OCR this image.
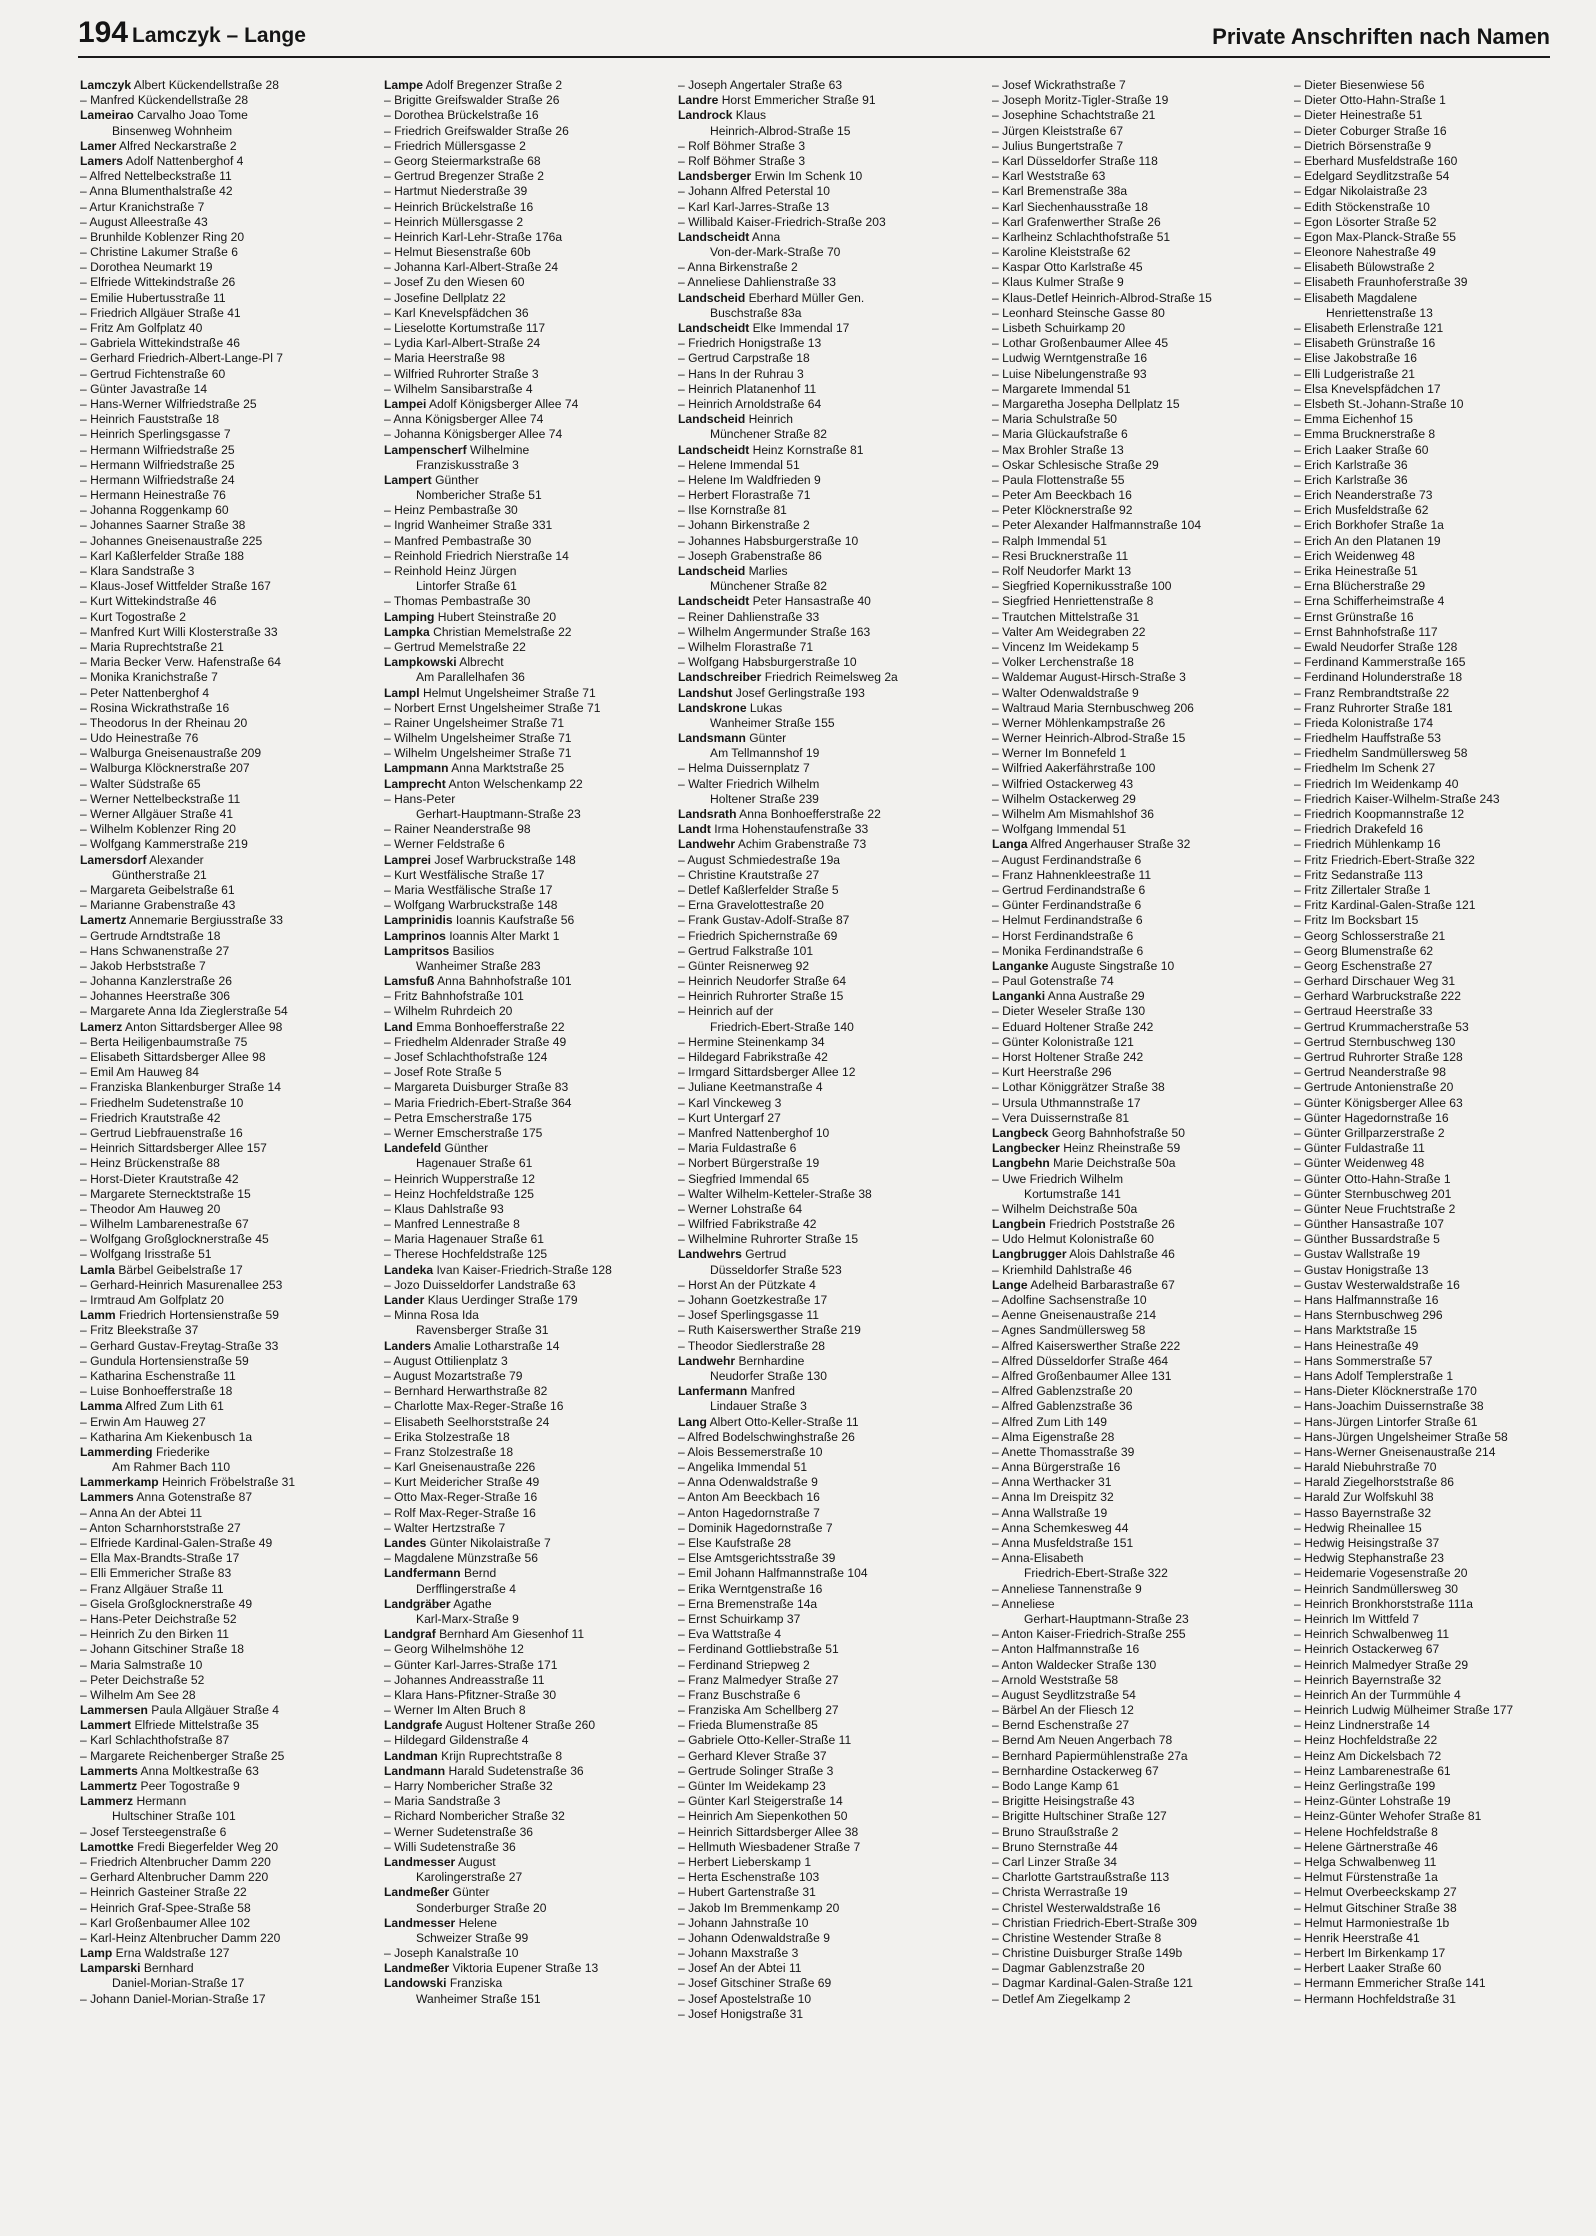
194 Lamczyk – Lange	Private Anschriften nach Namen
Lamczyk Albert Kückendellstraße 28
– Manfred Kückendellstraße 28
Lameirao Carvalho Joao Tome
Binsenweg Wohnheim
Lamer Alfred Neckarstraße 2
Lamers Adolf Nattenberghof 4
– Alfred Nettelbeckstraße 11
– Anna Blumenthalstraße 42
– Artur Kranichstraße 7
– August Alleestraße 43
– Brunhilde Koblenzer Ring 20
– Christine Lakumer Straße 6
– Dorothea Neumarkt 19
– Elfriede Wittekindstraße 26
– Emilie Hubertusstraße 11
– Friedrich Allgäuer Straße 41
– Fritz Am Golfplatz 40
– Gabriela Wittekindstraße 46
– Gerhard Friedrich-Albert-Lange-Pl 7
– Gertrud Fichtenstraße 60
– Günter Javastraße 14
– Hans-Werner Wilfriedstraße 25
– Heinrich Fauststraße 18
– Heinrich Sperlingsgasse 7
– Hermann Wilfriedstraße 25
– Hermann Wilfriedstraße 25
– Hermann Wilfriedstraße 24
– Hermann Heinestraße 76
– Johanna Roggenkamp 60
– Johannes Saarner Straße 38
– Johannes Gneisenaustraße 225
– Karl Kaßlerfelder Straße 188
– Klara Sandstraße 3
– Klaus-Josef Wittfelder Straße 167
– Kurt Wittekindstraße 46
– Kurt Togostraße 2
– Manfred Kurt Willi Klosterstraße 33
– Maria Ruprechtstraße 21
– Maria Becker Verw. Hafenstraße 64
– Monika Kranichstraße 7
– Peter Nattenberghof 4
– Rosina Wickrathstraße 16
– Theodorus In der Rheinau 20
– Udo Heinestraße 76
– Walburga Gneisenaustraße 209
– Walburga Klöcknerstraße 207
– Walter Südstraße 65
– Werner Nettelbeckstraße 11
– Werner Allgäuer Straße 41
– Wilhelm Koblenzer Ring 20
– Wolfgang Kammerstraße 219
Lamersdorf Alexander
Güntherstraße 21
– Margareta Geibelstraße 61
– Marianne Grabenstraße 43
Lamertz Annemarie Bergiusstraße 33
– Gertrude Arndtstraße 18
– Hans Schwanenstraße 27
– Jakob Herbststraße 7
– Johanna Kanzlerstraße 26
– Johannes Heerstraße 306
– Margarete Anna Ida Zieglerstraße 54
Lamerz Anton Sittardsberger Allee 98
– Berta Heiligenbaumstraße 75
– Elisabeth Sittardsberger Allee 98
– Emil Am Hauweg 84
– Franziska Blankenburger Straße 14
– Friedhelm Sudetenstraße 10
– Friedrich Krautstraße 42
– Gertrud Liebfrauenstraße 16
– Heinrich Sittardsberger Allee 157
– Heinz Brückenstraße 88
– Horst-Dieter Krautstraße 42
– Margarete Sternecktstraße 15
– Theodor Am Hauweg 20
– Wilhelm Lambarenestraße 67
– Wolfgang Großglocknerstraße 45
– Wolfgang Irisstraße 51
Lamla Bärbel Geibelstraße 17
– Gerhard-Heinrich Masurenallee 253
– Irmtraud Am Golfplatz 20
Lamm Friedrich Hortensienstraße 59
– Fritz Bleekstraße 37
– Gerhard Gustav-Freytag-Straße 33
– Gundula Hortensienstraße 59
– Katharina Eschenstraße 11
– Luise Bonhoefferstraße 18
Lamma Alfred Zum Lith 61
– Erwin Am Hauweg 27
– Katharina Am Kiekenbusch 1a
Lammerding Friederike
Am Rahmer Bach 110
Lammerkamp Heinrich Fröbelstraße 31
Lammers Anna Gotenstraße 87
– Anna An der Abtei 11
– Anton Scharnhorststraße 27
– Elfriede Kardinal-Galen-Straße 49
– Ella Max-Brandts-Straße 17
– Elli Emmericher Straße 83
– Franz Allgäuer Straße 11
– Gisela Großglocknerstraße 49
– Hans-Peter Deichstraße 52
– Heinrich Zu den Birken 11
– Johann Gitschiner Straße 18
– Maria Salmstraße 10
– Peter Deichstraße 52
– Wilhelm Am See 28
Lammersen Paula Allgäuer Straße 4
Lammert Elfriede Mittelstraße 35
– Karl Schlachthofstraße 87
– Margarete Reichenberger Straße 25
Lammerts Anna Moltkestraße 63
Lammertz Peer Togostraße 9
Lammerz Hermann
Hultschiner Straße 101
– Josef Tersteegenstraße 6
Lamottke Fredi Biegerfelder Weg 20
– Friedrich Altenbrucher Damm 220
– Gerhard Altenbrucher Damm 220
– Heinrich Gasteiner Straße 22
– Heinrich Graf-Spee-Straße 58
– Karl Großenbaumer Allee 102
– Karl-Heinz Altenbrucher Damm 220
Lamp Erna Waldstraße 127
Lamparski Bernhard
Daniel-Morian-Straße 17
– Johann Daniel-Morian-Straße 17
Lampe Adolf Bregenzer Straße 2
– Brigitte Greifswalder Straße 26
– Dorothea Brückelstraße 16
– Friedrich Greifswalder Straße 26
– Friedrich Müllersgasse 2
– Georg Steiermarkstraße 68
– Gertrud Bregenzer Straße 2
– Hartmut Niederstraße 39
– Heinrich Brückelstraße 16
– Heinrich Müllersgasse 2
– Heinrich Karl-Lehr-Straße 176a
– Helmut Biesenstraße 60b
– Johanna Karl-Albert-Straße 24
– Josef Zu den Wiesen 60
– Josefine Dellplatz 22
– Karl Knevelspfädchen 36
– Lieselotte Kortumstraße 117
– Lydia Karl-Albert-Straße 24
– Maria Heerstraße 98
– Wilfried Ruhrorter Straße 3
– Wilhelm Sansibarstraße 4
Lampei Adolf Königsberger Allee 74
– Anna Königsberger Allee 74
– Johanna Königsberger Allee 74
Lampenscherf Wilhelmine
Franziskusstraße 3
Lampert Günther
Nombericher Straße 51
– Heinz Pembastraße 30
– Ingrid Wanheimer Straße 331
– Manfred Pembastraße 30
– Reinhold Friedrich Nierstraße 14
– Reinhold Heinz Jürgen
Lintorfer Straße 61
– Thomas Pembastraße 30
Lamping Hubert Steinstraße 20
Lampka Christian Memelstraße 22
– Gertrud Memelstraße 22
Lampkowski Albrecht
Am Parallelhafen 36
Lampl Helmut Ungelsheimer Straße 71
– Norbert Ernst Ungelsheimer Straße 71
– Rainer Ungelsheimer Straße 71
– Wilhelm Ungelsheimer Straße 71
– Wilhelm Ungelsheimer Straße 71
Lampmann Anna Marktstraße 25
Lamprecht Anton Welschenkamp 22
– Hans-Peter
Gerhart-Hauptmann-Straße 23
– Rainer Neanderstraße 98
– Werner Feldstraße 6
Lamprei Josef Warbruckstraße 148
– Kurt Westfälische Straße 17
– Maria Westfälische Straße 17
– Wolfgang Warbruckstraße 148
Lamprinidis Ioannis Kaufstraße 56
Lamprinos Ioannis Alter Markt 1
Lampritsos Basilios
Wanheimer Straße 283
Lamsfuß Anna Bahnhofstraße 101
– Fritz Bahnhofstraße 101
– Wilhelm Ruhrdeich 20
Land Emma Bonhoefferstraße 22
– Friedhelm Aldenrader Straße 49
– Josef Schlachthofstraße 124
– Josef Rote Straße 5
– Margareta Duisburger Straße 83
– Maria Friedrich-Ebert-Straße 364
– Petra Emscherstraße 175
– Werner Emscherstraße 175
Landefeld Günther
Hagenauer Straße 61
– Heinrich Wupperstraße 12
– Heinz Hochfeldstraße 125
– Klaus Dahlstraße 93
– Manfred Lennestraße 8
– Maria Hagenauer Straße 61
– Therese Hochfeldstraße 125
Landeka Ivan Kaiser-Friedrich-Straße 128
– Jozo Duisseldorfer Landstraße 63
Lander Klaus Uerdinger Straße 179
– Minna Rosa Ida
Ravensberger Straße 31
Landers Amalie Lotharstraße 14
– August Ottilienplatz 3
– August Mozartstraße 79
– Bernhard Herwarthstraße 82
– Charlotte Max-Reger-Straße 16
– Elisabeth Seelhorststraße 24
– Erika Stolzestraße 18
– Franz Stolzestraße 18
– Karl Gneisenaustraße 226
– Kurt Meidericher Straße 49
– Otto Max-Reger-Straße 16
– Rolf Max-Reger-Straße 16
– Walter Hertzstraße 7
Landes Günter Nikolaistraße 7
– Magdalene Münzstraße 56
Landfermann Bernd
Derfflingerstraße 4
Landgräber Agathe
Karl-Marx-Straße 9
Landgraf Bernhard Am Giesenhof 11
– Georg Wilhelmshöhe 12
– Günter Karl-Jarres-Straße 171
– Johannes Andreasstraße 11
– Klara Hans-Pfitzner-Straße 30
– Werner Im Alten Bruch 8
Landgrafe August Holtener Straße 260
– Hildegard Gildenstraße 4
Landman Krijn Ruprechtstraße 8
Landmann Harald Sudetenstraße 36
– Harry Nombericher Straße 32
– Maria Sandstraße 3
– Richard Nombericher Straße 32
– Werner Sudetenstraße 36
– Willi Sudetenstraße 36
Landmesser August
Karolingerstraße 27
Landmeßer Günter
Sonderburger Straße 20
Landmesser Helene
Schweizer Straße 99
– Joseph Kanalstraße 10
Landmeßer Viktoria Eupener Straße 13
Landowski Franziska
Wanheimer Straße 151
– Joseph Angertaler Straße 63
Landre Horst Emmericher Straße 91
Landrock Klaus
Heinrich-Albrod-Straße 15
– Rolf Böhmer Straße 3
– Rolf Böhmer Straße 3
Landsberger Erwin Im Schenk 10
– Johann Alfred Peterstal 10
– Karl Karl-Jarres-Straße 13
– Willibald Kaiser-Friedrich-Straße 203
Landscheidt Anna
Von-der-Mark-Straße 70
– Anna Birkenstraße 2
– Anneliese Dahlienstraße 33
Landscheid Eberhard Müller Gen.
Buschstraße 83a
Landscheidt Elke Immendal 17
– Friedrich Honigstraße 13
– Gertrud Carpstraße 18
– Hans In der Ruhrau 3
– Heinrich Platanenhof 11
– Heinrich Arnoldstraße 64
Landscheid Heinrich
Münchener Straße 82
Landscheidt Heinz Kornstraße 81
– Helene Immendal 51
– Helene Im Waldfrieden 9
– Herbert Florastraße 71
– Ilse Kornstraße 81
– Johann Birkenstraße 2
– Johannes Habsburgerstraße 10
– Joseph Grabenstraße 86
Landscheid Marlies
Münchener Straße 82
Landscheidt Peter Hansastraße 40
– Reiner Dahlienstraße 33
– Wilhelm Angermunder Straße 163
– Wilhelm Florastraße 71
– Wolfgang Habsburgerstraße 10
Landschreiber Friedrich Reimelsweg 2a
Landshut Josef Gerlingstraße 193
Landskrone Lukas
Wanheimer Straße 155
Landsmann Günter
Am Tellmannshof 19
– Helma Duissernplatz 7
– Walter Friedrich Wilhelm
Holtener Straße 239
Landsrath Anna Bonhoefferstraße 22
Landt Irma Hohenstaufenstraße 33
Landwehr Achim Grabenstraße 73
– August Schmiedestraße 19a
– Christine Krautstraße 27
– Detlef Kaßlerfelder Straße 5
– Erna Gravelottestraße 20
– Frank Gustav-Adolf-Straße 87
– Friedrich Spichernstraße 69
– Gertrud Falkstraße 101
– Günter Reisnerweg 92
– Heinrich Neudorfer Straße 64
– Heinrich Ruhrorter Straße 15
– Heinrich auf der
Friedrich-Ebert-Straße 140
– Hermine Steinenkamp 34
– Hildegard Fabrikstraße 42
– Irmgard Sittardsberger Allee 12
– Juliane Keetmanstraße 4
– Karl Vinckeweg 3
– Kurt Untergarf 27
– Manfred Nattenberghof 10
– Maria Fuldastraße 6
– Norbert Bürgerstraße 19
– Siegfried Immendal 65
– Walter Wilhelm-Ketteler-Straße 38
– Werner Lohstraße 64
– Wilfried Fabrikstraße 42
– Wilhelmine Ruhrorter Straße 15
Landwehrs Gertrud
Düsseldorfer Straße 523
– Horst An der Pützkate 4
– Johann Goetzkestraße 17
– Josef Sperlingsgasse 11
– Ruth Kaiserswerther Straße 219
– Theodor Siedlerstraße 28
Landwehr Bernhardine
Neudorfer Straße 130
Lanfermann Manfred
Lindauer Straße 3
Lang Albert Otto-Keller-Straße 11
– Alfred Bodelschwinghstraße 26
– Alois Bessemerstraße 10
– Angelika Immendal 51
– Anna Odenwaldstraße 9
– Anton Am Beeckbach 16
– Anton Hagedornstraße 7
– Dominik Hagedornstraße 7
– Else Kaufstraße 28
– Else Amtsgerichtsstraße 39
– Emil Johann Halfmannstraße 104
– Erika Werntgenstraße 16
– Erna Bremenstraße 14a
– Ernst Schuirkamp 37
– Eva Wattstraße 4
– Ferdinand Gottliebstraße 51
– Ferdinand Striepweg 2
– Franz Malmedyer Straße 27
– Franz Buschstraße 6
– Franziska Am Schellberg 27
– Frieda Blumenstraße 85
– Gabriele Otto-Keller-Straße 11
– Gerhard Klever Straße 37
– Gertrude Solinger Straße 3
– Günter Im Weidekamp 23
– Günter Karl Steigerstraße 14
– Heinrich Am Siepenkothen 50
– Heinrich Sittardsberger Allee 38
– Hellmuth Wiesbadener Straße 7
– Herbert Lieberskamp 1
– Herta Eschenstraße 103
– Hubert Gartenstraße 31
– Jakob Im Bremmenkamp 20
– Johann Jahnstraße 10
– Johann Odenwaldstraße 9
– Johann Maxstraße 3
– Josef An der Abtei 11
– Josef Gitschiner Straße 69
– Josef Apostelstraße 10
– Josef Honigstraße 31
– Josef Wickrathstraße 7
– Joseph Moritz-Tigler-Straße 19
– Josephine Schachtstraße 21
– Jürgen Kleiststraße 67
– Julius Bungertstraße 7
– Karl Düsseldorfer Straße 118
– Karl Weststraße 63
– Karl Bremenstraße 38a
– Karl Siechenhausstraße 18
– Karl Grafenwerther Straße 26
– Karlheinz Schlachthofstraße 51
– Karoline Kleiststraße 62
– Kaspar Otto Karlstraße 45
– Klaus Kulmer Straße 9
– Klaus-Detlef Heinrich-Albrod-Straße 15
– Leonhard Steinsche Gasse 80
– Lisbeth Schuirkamp 20
– Lothar Großenbaumer Allee 45
– Ludwig Werntgenstraße 16
– Luise Nibelungenstraße 93
– Margarete Immendal 51
– Margaretha Josepha Dellplatz 15
– Maria Schulstraße 50
– Maria Glückaufstraße 6
– Max Brohler Straße 13
– Oskar Schlesische Straße 29
– Paula Flottenstraße 55
– Peter Am Beeckbach 16
– Peter Klöcknerstraße 92
– Peter Alexander Halfmannstraße 104
– Ralph Immendal 51
– Resi Brucknerstraße 11
– Rolf Neudorfer Markt 13
– Siegfried Kopernikusstraße 100
– Siegfried Henriettenstraße 8
– Trautchen Mittelstraße 31
– Valter Am Weidegraben 22
– Vincenz Im Weidekamp 5
– Volker Lerchenstraße 18
– Waldemar August-Hirsch-Straße 3
– Walter Odenwaldstraße 9
– Waltraud Maria Sternbuschweg 206
– Werner Möhlenkampstraße 26
– Werner Heinrich-Albrod-Straße 15
– Werner Im Bonnefeld 1
– Wilfried Aakerfährstraße 100
– Wilfried Ostackerweg 43
– Wilhelm Ostackerweg 29
– Wilhelm Am Mismahlshof 36
– Wolfgang Immendal 51
Langa Alfred Angerhauser Straße 32
– August Ferdinandstraße 6
– Franz Hahnenkleestraße 11
– Gertrud Ferdinandstraße 6
– Günter Ferdinandstraße 6
– Helmut Ferdinandstraße 6
– Horst Ferdinandstraße 6
– Monika Ferdinandstraße 6
Langanke Auguste Singstraße 10
– Paul Gotenstraße 74
Langanki Anna Austraße 29
– Dieter Weseler Straße 130
– Eduard Holtener Straße 242
– Günter Kolonistraße 121
– Horst Holtener Straße 242
– Kurt Heerstraße 296
– Lothar Königgrätzer Straße 38
– Ursula Uthmannstraße 17
– Vera Duissernstraße 81
Langbeck Georg Bahnhofstraße 50
Langbecker Heinz Rheinstraße 59
Langbehn Marie Deichstraße 50a
– Uwe Friedrich Wilhelm
Kortumstraße 141
– Wilhelm Deichstraße 50a
Langbein Friedrich Poststraße 26
– Udo Helmut Kolonistraße 60
Langbrugger Alois Dahlstraße 46
– Kriemhild Dahlstraße 46
Lange Adelheid Barbarastraße 67
– Adolfine Sachsenstraße 10
– Aenne Gneisenaustraße 214
– Agnes Sandmüllersweg 58
– Alfred Kaiserswerther Straße 222
– Alfred Düsseldorfer Straße 464
– Alfred Großenbaumer Allee 131
– Alfred Gablenzstraße 20
– Alfred Gablenzstraße 36
– Alfred Zum Lith 149
– Alma Eigenstraße 28
– Anette Thomasstraße 39
– Anna Bürgerstraße 16
– Anna Werthacker 31
– Anna Im Dreispitz 32
– Anna Wallstraße 19
– Anna Schemkesweg 44
– Anna Musfeldstraße 151
– Anna-Elisabeth
Friedrich-Ebert-Straße 322
– Anneliese Tannenstraße 9
– Anneliese
Gerhart-Hauptmann-Straße 23
– Anton Kaiser-Friedrich-Straße 255
– Anton Halfmannstraße 16
– Anton Waldecker Straße 130
– Arnold Weststraße 58
– August Seydlitzstraße 54
– Bärbel An der Fliesch 12
– Bernd Eschenstraße 27
– Bernd Am Neuen Angerbach 78
– Bernhard Papiermühlenstraße 27a
– Bernhardine Ostackerweg 67
– Bodo Lange Kamp 61
– Brigitte Heisingstraße 43
– Brigitte Hultschiner Straße 127
– Bruno Straußstraße 2
– Bruno Sternstraße 44
– Carl Linzer Straße 34
– Charlotte Gartstraußstraße 113
– Christa Werrastraße 19
– Christel Westerwaldstraße 16
– Christian Friedrich-Ebert-Straße 309
– Christine Westender Straße 8
– Christine Duisburger Straße 149b
– Dagmar Gablenzstraße 20
– Dagmar Kardinal-Galen-Straße 121
– Detlef Am Ziegelkamp 2
– Dieter Biesenwiese 56
– Dieter Otto-Hahn-Straße 1
– Dieter Heinestraße 51
– Dieter Coburger Straße 16
– Dietrich Börsenstraße 9
– Eberhard Musfeldstraße 160
– Edelgard Seydlitzstraße 54
– Edgar Nikolaistraße 23
– Edith Stöckenstraße 10
– Egon Lösorter Straße 52
– Egon Max-Planck-Straße 55
– Eleonore Nahestraße 49
– Elisabeth Bülowstraße 2
– Elisabeth Fraunhoferstraße 39
– Elisabeth Magdalene
Henriettenstraße 13
– Elisabeth Erlenstraße 121
– Elisabeth Grünstraße 16
– Elise Jakobstraße 16
– Elli Ludgeristraße 21
– Elsa Knevelspfädchen 17
– Elsbeth St.-Johann-Straße 10
– Emma Eichenhof 15
– Emma Brucknerstraße 8
– Erich Laaker Straße 60
– Erich Karlstraße 36
– Erich Karlstraße 36
– Erich Neanderstraße 73
– Erich Musfeldstraße 62
– Erich Borkhofer Straße 1a
– Erich An den Platanen 19
– Erich Weidenweg 48
– Erika Heinestraße 51
– Erna Blücherstraße 29
– Erna Schifferheimstraße 4
– Ernst Grünstraße 16
– Ernst Bahnhofstraße 117
– Ewald Neudorfer Straße 128
– Ferdinand Kammerstraße 165
– Ferdinand Holunderstraße 18
– Franz Rembrandtstraße 22
– Franz Ruhrorter Straße 181
– Frieda Kolonistraße 174
– Friedhelm Hauffstraße 53
– Friedhelm Sandmüllersweg 58
– Friedhelm Im Schenk 27
– Friedrich Im Weidenkamp 40
– Friedrich Kaiser-Wilhelm-Straße 243
– Friedrich Koopmannstraße 12
– Friedrich Drakefeld 16
– Friedrich Mühlenkamp 16
– Fritz Friedrich-Ebert-Straße 322
– Fritz Sedanstraße 113
– Fritz Zillertaler Straße 1
– Fritz Kardinal-Galen-Straße 121
– Fritz Im Bocksbart 15
– Georg Schlosserstraße 21
– Georg Blumenstraße 62
– Georg Eschenstraße 27
– Gerhard Dirschauer Weg 31
– Gerhard Warbruckstraße 222
– Gertraud Heerstraße 33
– Gertrud Krummacherstraße 53
– Gertrud Sternbuschweg 130
– Gertrud Ruhrorter Straße 128
– Gertrud Neanderstraße 98
– Gertrude Antonienstraße 20
– Günter Königsberger Allee 63
– Günter Hagedornstraße 16
– Günter Grillparzerstraße 2
– Günter Fuldastraße 11
– Günter Weidenweg 48
– Günter Otto-Hahn-Straße 1
– Günter Sternbuschweg 201
– Günter Neue Fruchtstraße 2
– Günther Hansastraße 107
– Günther Bussardstraße 5
– Gustav Wallstraße 19
– Gustav Honigstraße 13
– Gustav Westerwaldstraße 16
– Hans Halfmannstraße 16
– Hans Sternbuschweg 296
– Hans Marktstraße 15
– Hans Heinestraße 49
– Hans Sommerstraße 57
– Hans Adolf Templerstraße 1
– Hans-Dieter Klöcknerstraße 170
– Hans-Joachim Duissernstraße 38
– Hans-Jürgen Lintorfer Straße 61
– Hans-Jürgen Ungelsheimer Straße 58
– Hans-Werner Gneisenaustraße 214
– Harald Niebuhrstraße 70
– Harald Ziegelhorststraße 86
– Harald Zur Wolfskuhl 38
– Hasso Bayernstraße 32
– Hedwig Rheinallee 15
– Hedwig Heisingstraße 37
– Hedwig Stephanstraße 23
– Heidemarie Vogesenstraße 20
– Heinrich Sandmüllersweg 30
– Heinrich Bronkhorststraße 111a
– Heinrich Im Wittfeld 7
– Heinrich Schwalbenweg 11
– Heinrich Ostackerweg 67
– Heinrich Malmedyer Straße 29
– Heinrich Bayernstraße 32
– Heinrich An der Turmmühle 4
– Heinrich Ludwig Mülheimer Straße 177
– Heinz Lindnerstraße 14
– Heinz Hochfeldstraße 22
– Heinz Am Dickelsbach 72
– Heinz Lambarenestraße 61
– Heinz Gerlingstraße 199
– Heinz-Günter Lohstraße 19
– Heinz-Günter Wehofer Straße 81
– Helene Hochfeldstraße 8
– Helene Gärtnerstraße 46
– Helga Schwalbenweg 11
– Helmut Fürstenstraße 1a
– Helmut Overbeeckskamp 27
– Helmut Gitschiner Straße 38
– Helmut Harmoniestraße 1b
– Henrik Heerstraße 41
– Herbert Im Birkenkamp 17
– Herbert Laaker Straße 60
– Hermann Emmericher Straße 141
– Hermann Hochfeldstraße 31
